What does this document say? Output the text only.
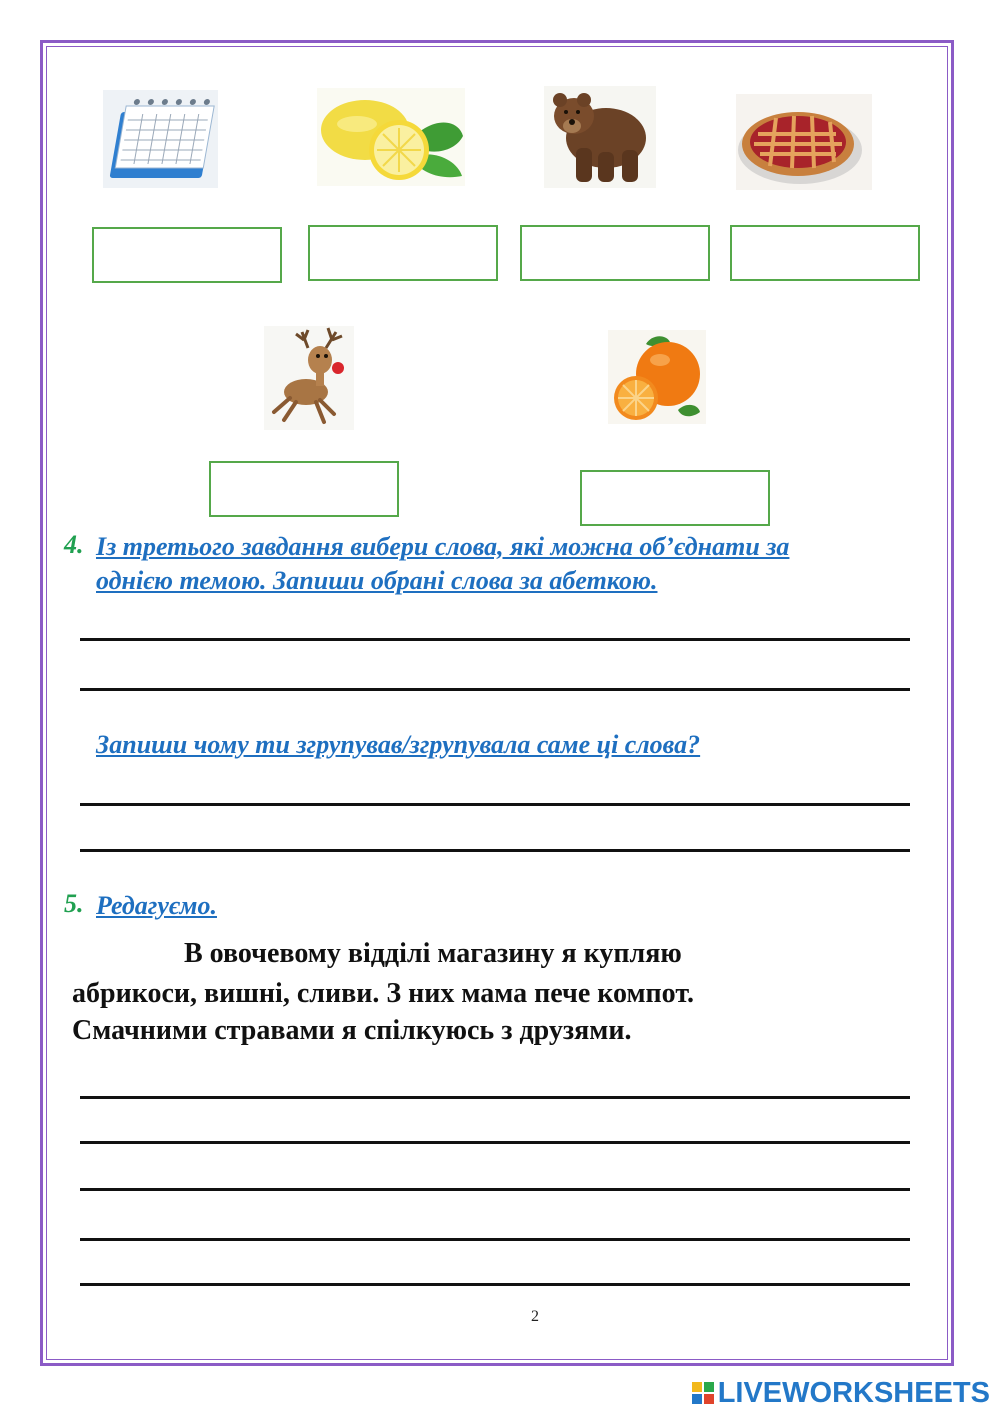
4. Із третього завдання вибери слова, які можна об’єднати за
однією темою. Запиши обрані слова за абеткою.
Запиши чому ти згрупував/згрупувала саме ці слова?
5. Редагуємо.
В овочевому відділі магазину я купляю
абрикоси, вишні, сливи. З них мама пече компот.
Смачними стравами я спілкуюсь з друзями.
2
LIVEWORKSHEETS
